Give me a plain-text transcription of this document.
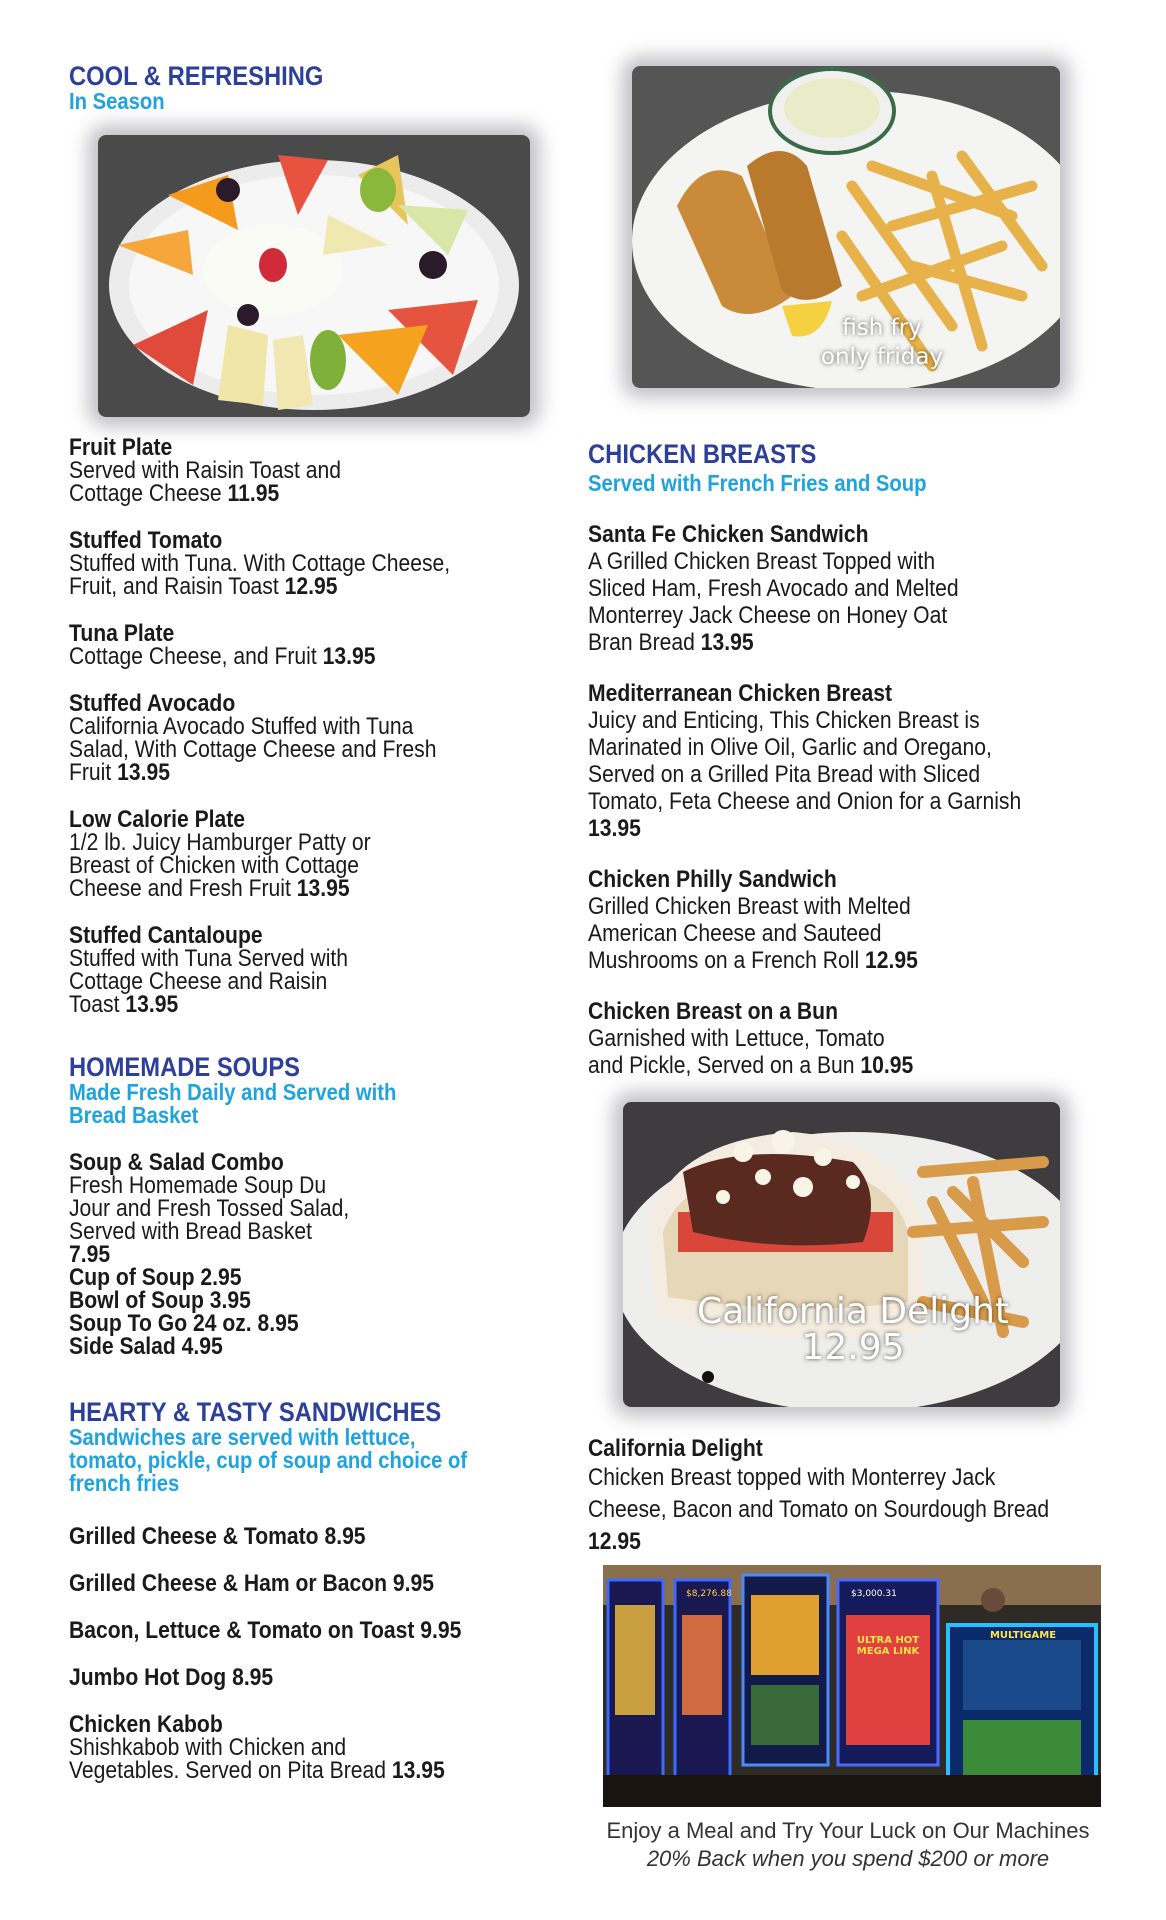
fish fry
only friday
COOL & REFRESHING
In Season
Fruit Plate
Served with Raisin Toast and Cottage Cheese 11.95
Stuffed Tomato
Stuffed with Tuna. With Cottage Cheese, Fruit, and Raisin Toast 12.95
Tuna Plate
Cottage Cheese, and Fruit 13.95
Stuffed Avocado
California Avocado Stuffed with Tuna Salad, With Cottage Cheese and Fresh Fruit 13.95
Low Calorie Plate
1/2 lb. Juicy Hamburger Patty or Breast of Chicken with Cottage Cheese and Fresh Fruit 13.95
Stuffed Cantaloupe
Stuffed with Tuna Served with Cottage Cheese and Raisin Toast 13.95
HOMEMADE SOUPS
Made Fresh Daily and Served with Bread Basket
Soup & Salad Combo
Fresh Homemade Soup Du Jour and Fresh Tossed Salad, Served with Bread Basket 7.95
Cup of Soup 2.95
Bowl of Soup 3.95
Soup To Go 24 oz. 8.95
Side Salad 4.95
HEARTY & TASTY SANDWICHES
Sandwiches are served with lettuce, tomato, pickle, cup of soup and choice of french fries
Grilled Cheese & Tomato 8.95
Grilled Cheese & Ham or Bacon 9.95
Bacon, Lettuce & Tomato on Toast 9.95
Jumbo Hot Dog 8.95
Chicken Kabob
Shishkabob with Chicken and Vegetables. Served on Pita Bread 13.95
CHICKEN BREASTS
Served with French Fries and Soup
Santa Fe Chicken Sandwich
A Grilled Chicken Breast Topped with Sliced Ham, Fresh Avocado and Melted Monterrey Jack Cheese on Honey Oat Bran Bread 13.95
Mediterranean Chicken Breast
Juicy and Enticing, This Chicken Breast is Marinated in Olive Oil, Garlic and Oregano, Served on a Grilled Pita Bread with Sliced Tomato, Feta Cheese and Onion for a Garnish 13.95
Chicken Philly Sandwich
Grilled Chicken Breast with Melted American Cheese and Sauteed Mushrooms on a French Roll 12.95
Chicken Breast on a Bun
Garnished with Lettuce, Tomato and Pickle, Served on a Bun 10.95
California Delight
Chicken Breast topped with Monterrey Jack Cheese, Bacon and Tomato on Sourdough Bread 12.95
California Delight
12.95
$8,276.88	$3,000.31
ULTRA HOT MEGA LINK
MULTIGAME
Enjoy a Meal and Try Your Luck on Our Machines
20% Back when you spend $200 or more
